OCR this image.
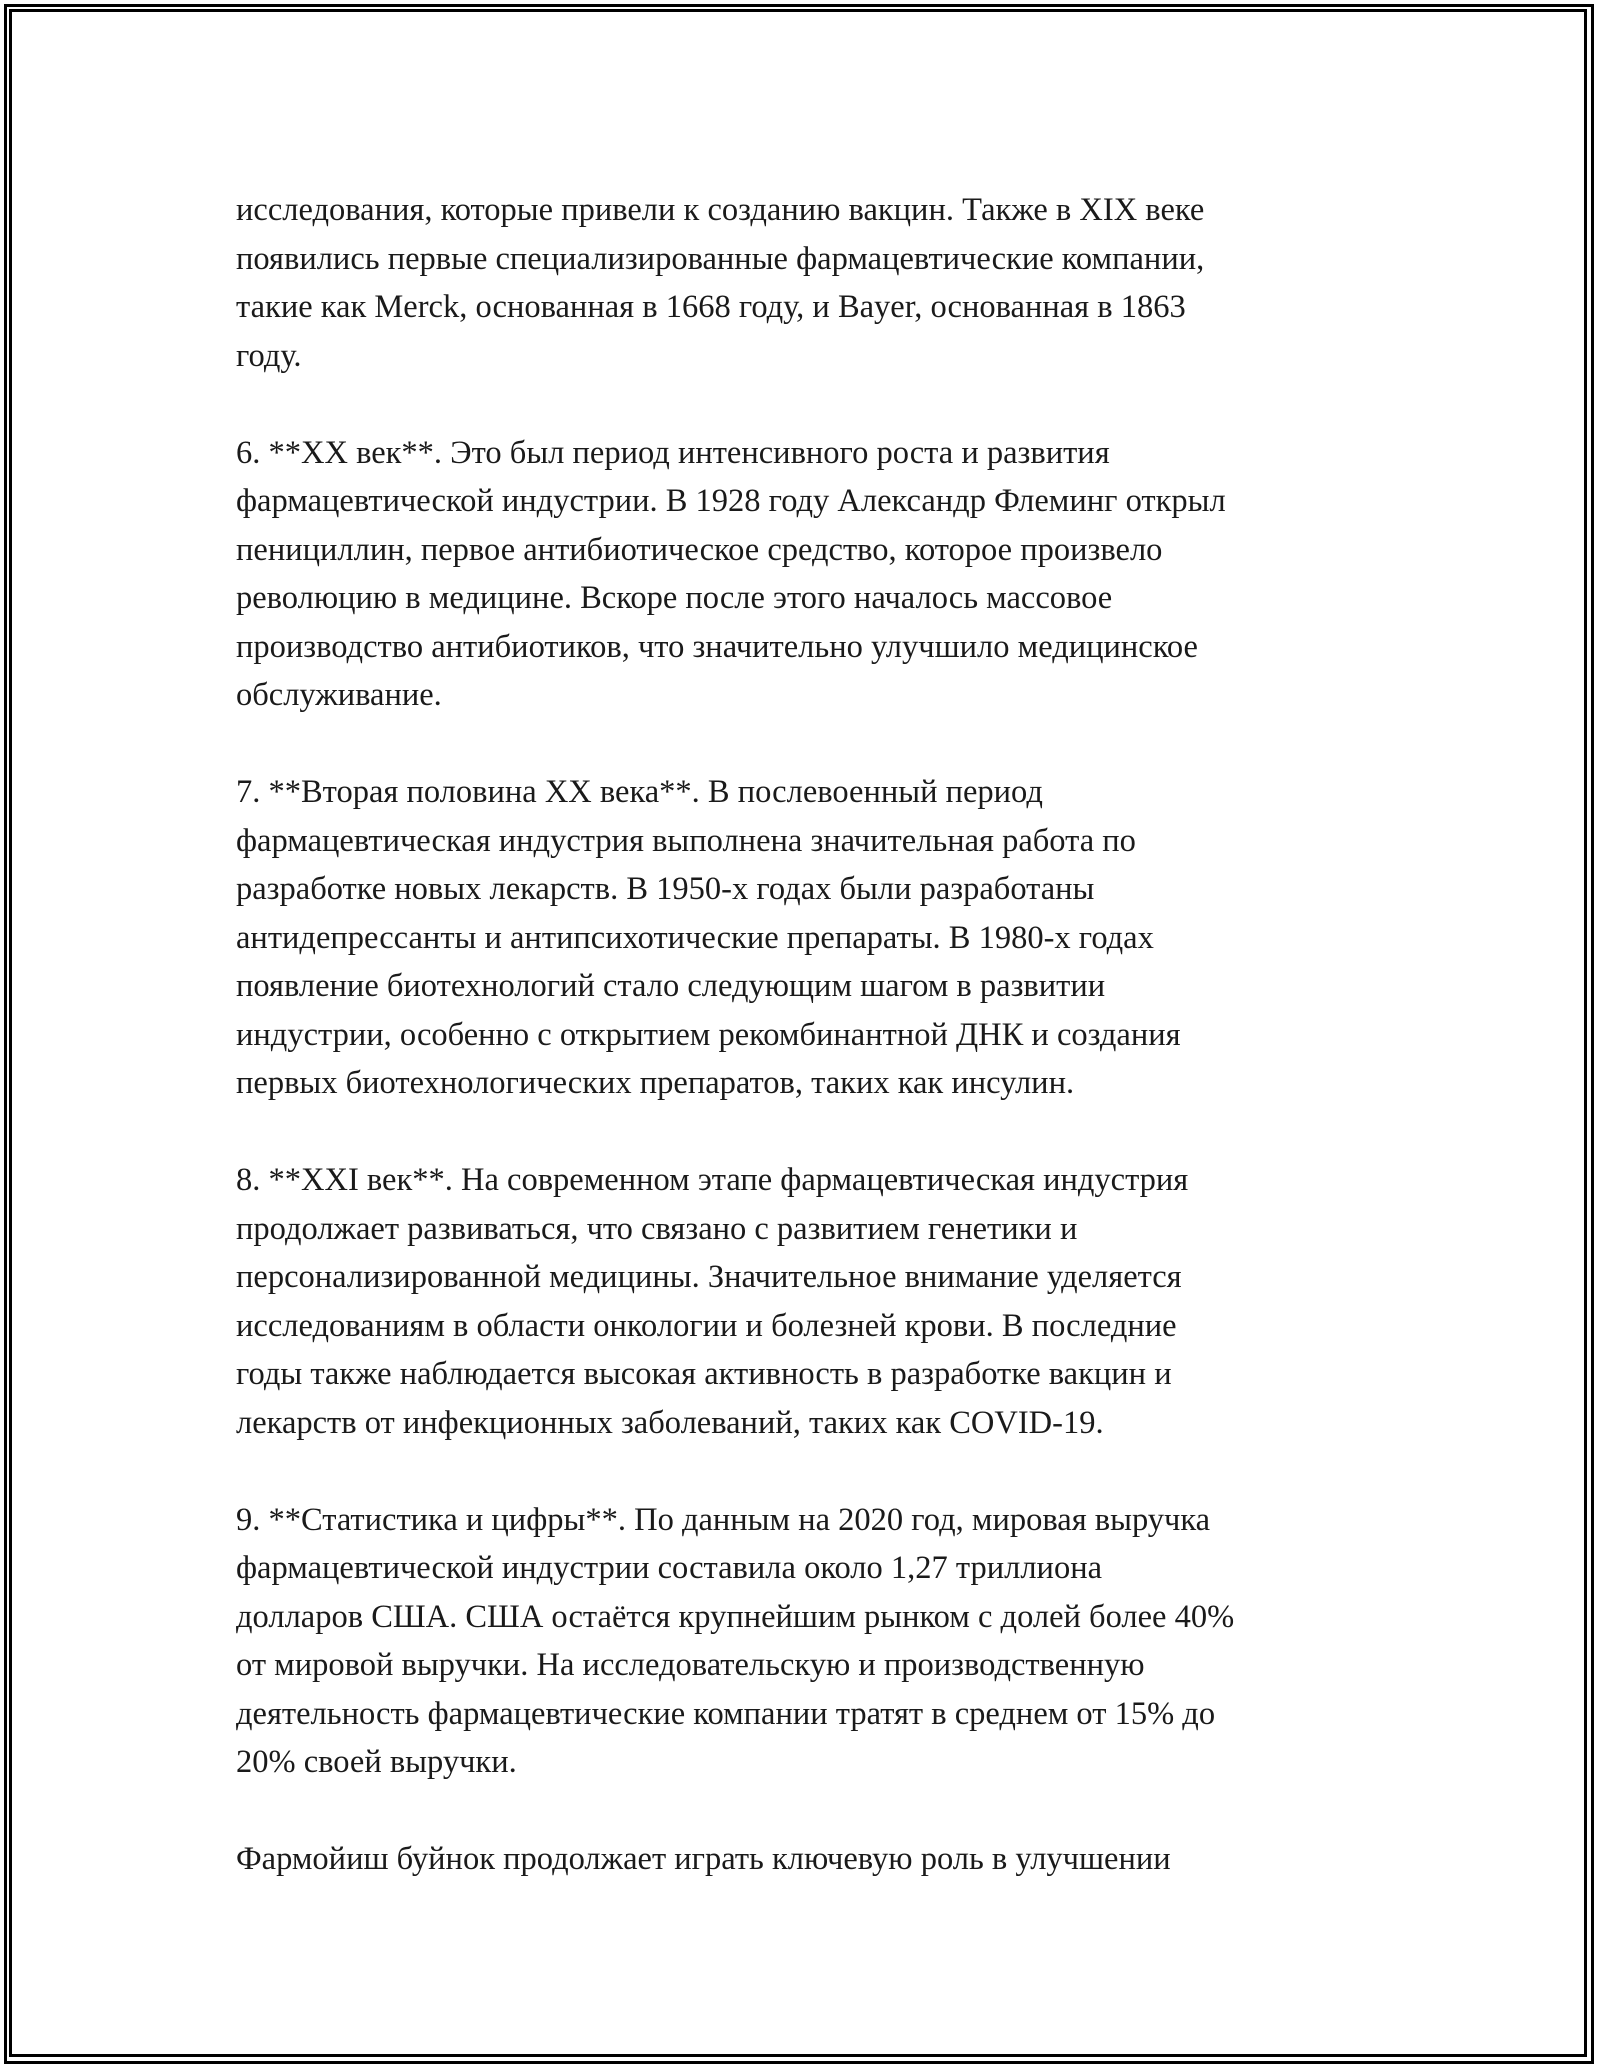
исследования, которые привели к созданию вакцин. Также в XIX веке
появились первые специализированные фармацевтические компании,
такие как Merck, основанная в 1668 году, и Bayer, основанная в 1863
году.

6. **XX век**. Это был период интенсивного роста и развития
фармацевтической индустрии. В 1928 году Александр Флеминг открыл
пенициллин, первое антибиотическое средство, которое произвело
революцию в медицине. Вскоре после этого началось массовое
производство антибиотиков, что значительно улучшило медицинское
обслуживание.

7. **Вторая половина XX века**. В послевоенный период
фармацевтическая индустрия выполнена значительная работа по
разработке новых лекарств. В 1950-х годах были разработаны
антидепрессанты и антипсихотические препараты. В 1980-х годах
появление биотехнологий стало следующим шагом в развитии
индустрии, особенно с открытием рекомбинантной ДНК и создания
первых биотехнологических препаратов, таких как инсулин.

8. **XXI век**. На современном этапе фармацевтическая индустрия
продолжает развиваться, что связано с развитием генетики и
персонализированной медицины. Значительное внимание уделяется
исследованиям в области онкологии и болезней крови. В последние
годы также наблюдается высокая активность в разработке вакцин и
лекарств от инфекционных заболеваний, таких как COVID-19.

9. **Статистика и цифры**. По данным на 2020 год, мировая выручка
фармацевтической индустрии составила около 1,27 триллиона
долларов США. США остаётся крупнейшим рынком с долей более 40%
от мировой выручки. На исследовательскую и производственную
деятельность фармацевтические компании тратят в среднем от 15% до
20% своей выручки.

Фармойиш буйнок продолжает играть ключевую роль в улучшении
